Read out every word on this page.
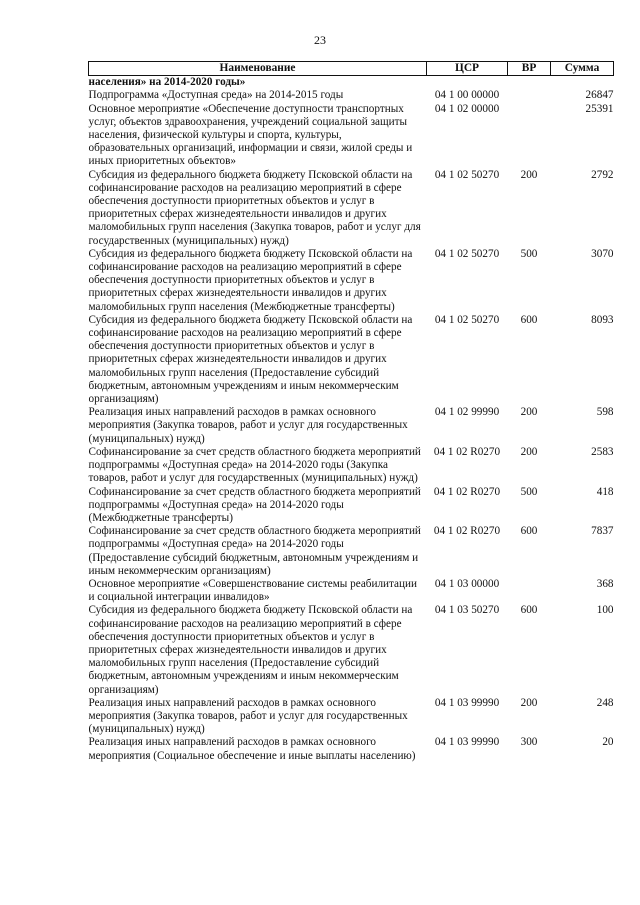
23
Наименование	ЦСР	ВР	Сумма
населения» на 2014-2020 годы»			
Подпрограмма «Доступная среда» на 2014-2015 годы	04 1 00 00000		26847
Основное мероприятие «Обеспечение доступности транспортных услуг, объектов здравоохранения, учреждений социальной защиты населения, физической культуры и спорта, культуры, образовательных организаций, информации и связи, жилой среды и иных приоритетных объектов»	04 1 02 00000		25391
Субсидия из федерального бюджета бюджету Псковской области на софинансирование расходов на реализацию мероприятий в сфере обеспечения доступности приоритетных объектов и услуг в приоритетных сферах жизнедеятельности инвалидов и других маломобильных групп населения (Закупка товаров, работ и услуг для государственных (муниципальных) нужд)	04 1 02 50270	200	2792
Субсидия из федерального бюджета бюджету Псковской области на софинансирование расходов на реализацию мероприятий в сфере обеспечения доступности приоритетных объектов и услуг в приоритетных сферах жизнедеятельности инвалидов и других маломобильных групп населения (Межбюджетные трансферты)	04 1 02 50270	500	3070
Субсидия из федерального бюджета бюджету Псковской области на софинансирование расходов на реализацию мероприятий в сфере обеспечения доступности приоритетных объектов и услуг в приоритетных сферах жизнедеятельности инвалидов и других маломобильных групп населения (Предоставление субсидий бюджетным, автономным учреждениям и иным некоммерческим организациям)	04 1 02 50270	600	8093
Реализация иных направлений расходов в рамках основного мероприятия (Закупка товаров, работ и услуг для государственных (муниципальных) нужд)	04 1 02 99990	200	598
Софинансирование за счет средств областного бюджета мероприятий подпрограммы «Доступная среда» на 2014-2020 годы (Закупка товаров, работ и услуг для государственных (муниципальных) нужд)	04 1 02 R0270	200	2583
Софинансирование за счет средств областного бюджета мероприятий подпрограммы «Доступная среда» на 2014-2020 годы (Межбюджетные трансферты)	04 1 02 R0270	500	418
Софинансирование за счет средств областного бюджета мероприятий подпрограммы «Доступная среда» на 2014-2020 годы (Предоставление субсидий бюджетным, автономным учреждениям и иным некоммерческим организациям)	04 1 02 R0270	600	7837
Основное мероприятие «Совершенствование системы реабилитации и социальной интеграции инвалидов»	04 1 03 00000		368
Субсидия из федерального бюджета бюджету Псковской области на софинансирование расходов на реализацию мероприятий в сфере обеспечения доступности приоритетных объектов и услуг в приоритетных сферах жизнедеятельности инвалидов и других маломобильных групп населения (Предоставление субсидий бюджетным, автономным учреждениям и иным некоммерческим организациям)	04 1 03 50270	600	100
Реализация иных направлений расходов в рамках основного мероприятия (Закупка товаров, работ и услуг для государственных (муниципальных) нужд)	04 1 03 99990	200	248
Реализация иных направлений расходов в рамках основного мероприятия (Социальное обеспечение и иные выплаты населению)	04 1 03 99990	300	20
